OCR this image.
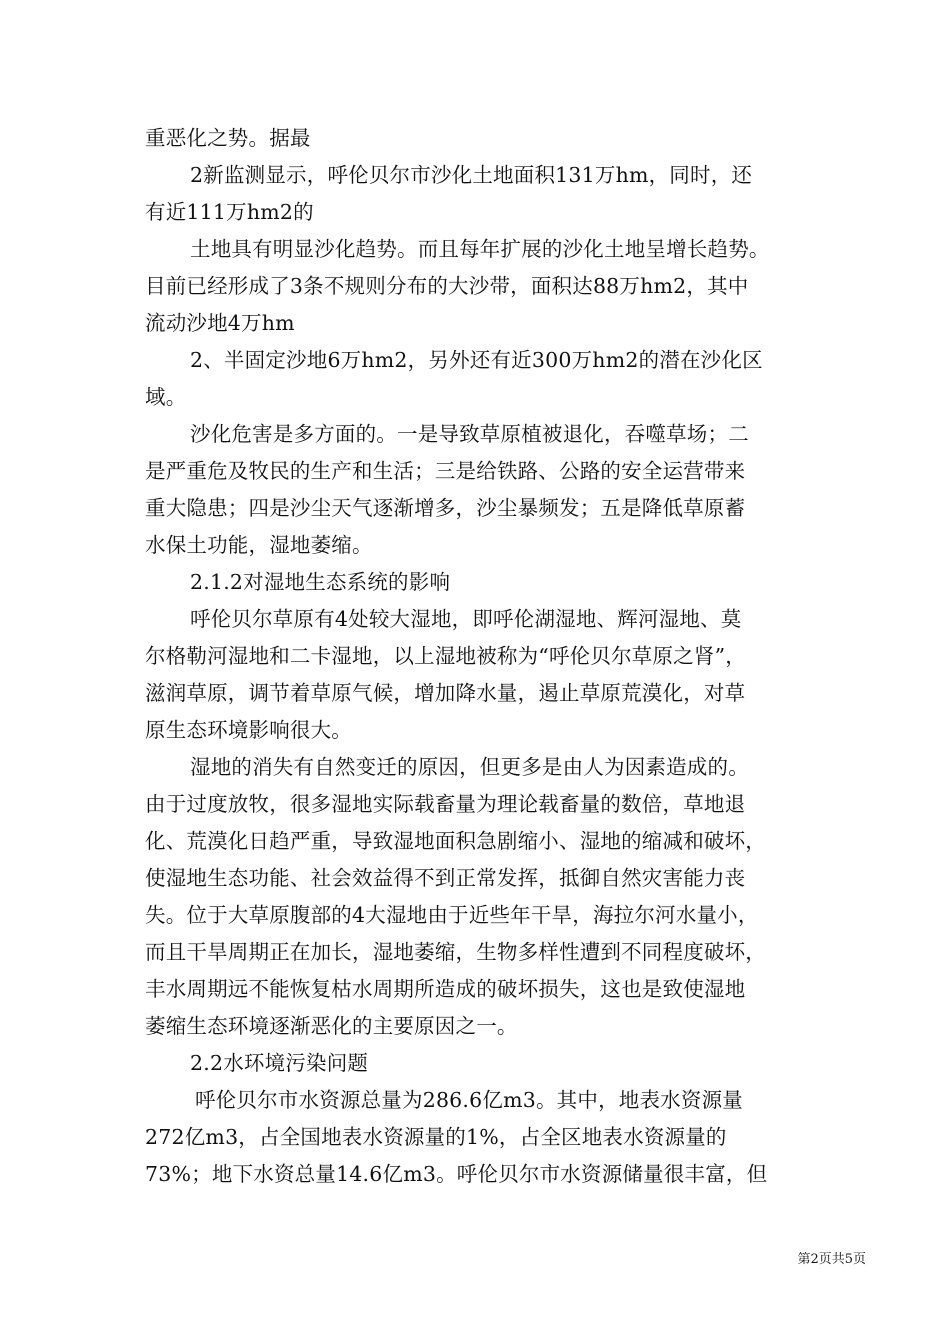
重恶化之势。据最
2新监测显示，呼伦贝尔市沙化土地面积131万hm，同时，还
有近111万hm2的
土地具有明显沙化趋势。而且每年扩展的沙化土地呈增长趋势。
目前已经形成了3条不规则分布的大沙带，面积达88万hm2，其中
流动沙地4万hm
2、半固定沙地6万hm2，另外还有近300万hm2的潜在沙化区
域。
沙化危害是多方面的。一是导致草原植被退化，吞噬草场；二
是严重危及牧民的生产和生活；三是给铁路、公路的安全运营带来
重大隐患；四是沙尘天气逐渐增多，沙尘暴频发；五是降低草原蓄
水保土功能，湿地萎缩。
2.1.2对湿地生态系统的影响
呼伦贝尔草原有4处较大湿地，即呼伦湖湿地、辉河湿地、莫
尔格勒河湿地和二卡湿地，以上湿地被称为“呼伦贝尔草原之肾”，
滋润草原，调节着草原气候，增加降水量，遏止草原荒漠化，对草
原生态环境影响很大。
湿地的消失有自然变迁的原因，但更多是由人为因素造成的。
由于过度放牧，很多湿地实际载畜量为理论载畜量的数倍，草地退
化、荒漠化日趋严重，导致湿地面积急剧缩小、湿地的缩减和破坏，
使湿地生态功能、社会效益得不到正常发挥，抵御自然灾害能力丧
失。位于大草原腹部的4大湿地由于近些年干旱，海拉尔河水量小，
而且干旱周期正在加长，湿地萎缩，生物多样性遭到不同程度破坏，
丰水周期远不能恢复枯水周期所造成的破坏损失，这也是致使湿地
萎缩生态环境逐渐恶化的主要原因之一。
2.2水环境污染问题
呼伦贝尔市水资源总量为286.6亿m3。其中，地表水资源量
272亿m3，占全国地表水资源量的1%，占全区地表水资源量的
73%；地下水资总量14.6亿m3。呼伦贝尔市水资源储量很丰富，但
第2页共5页
